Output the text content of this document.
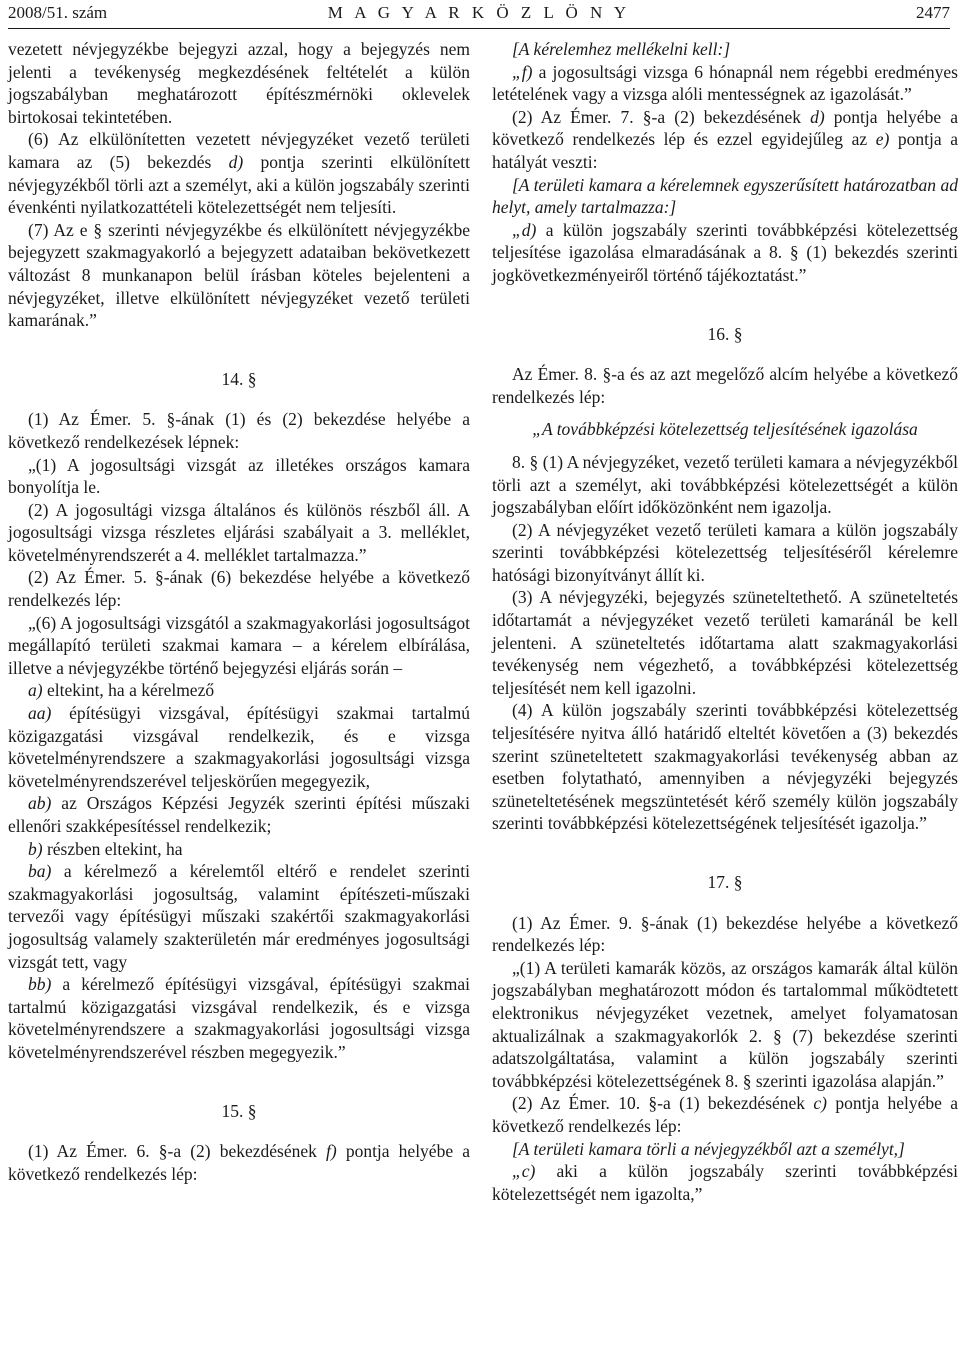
2008/51. szám	M A G Y A R K Ö Z L Ö N Y	2477

vezetett névjegyzékbe bejegyzi azzal, hogy a bejegyzés nem jelenti a tevékenység megkezdésének feltételét a külön jogszabályban meghatározott építészmérnöki oklevelek birtokosai tekintetében.

(6) Az elkülönítetten vezetett névjegyzéket vezető területi kamara az (5) bekezdés d) pontja szerinti elkülönített névjegyzékből törli azt a személyt, aki a külön jogszabály szerinti évenkénti nyilatkozattételi kötelezettségét nem teljesíti.

(7) Az e § szerinti névjegyzékbe és elkülönített névjegyzékbe bejegyzett szakmagyakorló a bejegyzett adataiban bekövetkezett változást 8 munkanapon belül írásban köteles bejelenteni a névjegyzéket, illetve elkülönített névjegyzéket vezető területi kamarának.”

14. §

(1) Az Émer. 5. §-ának (1) és (2) bekezdése helyébe a következő rendelkezések lépnek:

„(1) A jogosultsági vizsgát az illetékes országos kamara bonyolítja le.

(2) A jogosultági vizsga általános és különös részből áll. A jogosultsági vizsga részletes eljárási szabályait a 3. melléklet, követelményrendszerét a 4. melléklet tartalmazza.”

(2) Az Émer. 5. §-ának (6) bekezdése helyébe a következő rendelkezés lép:

„(6) A jogosultsági vizsgától a szakmagyakorlási jogosultságot megállapító területi szakmai kamara – a kérelem elbírálása, illetve a névjegyzékbe történő bejegyzési eljárás során –

a) eltekint, ha a kérelmező

aa) építésügyi vizsgával, építésügyi szakmai tartalmú közigazgatási vizsgával rendelkezik, és e vizsga követelményrendszere a szakmagyakorlási jogosultsági vizsga követelményrendszerével teljeskörűen megegyezik,

ab) az Országos Képzési Jegyzék szerinti építési műszaki ellenőri szakképesítéssel rendelkezik;

b) részben eltekint, ha

ba) a kérelmező a kérelemtől eltérő e rendelet szerinti szakmagyakorlási jogosultság, valamint építészeti-műszaki tervezői vagy építésügyi műszaki szakértői szakmagyakorlási jogosultság valamely szakterületén már eredményes jogosultsági vizsgát tett, vagy

bb) a kérelmező építésügyi vizsgával, építésügyi szakmai tartalmú közigazgatási vizsgával rendelkezik, és e vizsga követelményrendszere a szakmagyakorlási jogosultsági vizsga követelményrendszerével részben megegyezik.”

15. §

(1) Az Émer. 6. §-a (2) bekezdésének f) pontja helyébe a következő rendelkezés lép:

[A kérelemhez mellékelni kell:]

„f) a jogosultsági vizsga 6 hónapnál nem régebbi eredményes letételének vagy a vizsga alóli mentességnek az igazolását.”

(2) Az Émer. 7. §-a (2) bekezdésének d) pontja helyébe a következő rendelkezés lép és ezzel egyidejűleg az e) pontja a hatályát veszti:

[A területi kamara a kérelemnek egyszerűsített határozatban ad helyt, amely tartalmazza:]

„d) a külön jogszabály szerinti továbbképzési kötelezettség teljesítése igazolása elmaradásának a 8. § (1) bekezdés szerinti jogkövetkezményeiről történő tájékoztatást.”

16. §

Az Émer. 8. §-a és az azt megelőző alcím helyébe a következő rendelkezés lép:

„A továbbképzési kötelezettség teljesítésének igazolása

8. § (1) A névjegyzéket, vezető területi kamara a névjegyzékből törli azt a személyt, aki továbbképzési kötelezettségét a külön jogszabályban előírt időközönként nem igazolja.

(2) A névjegyzéket vezető területi kamara a külön jogszabály szerinti továbbképzési kötelezettség teljesítéséről kérelemre hatósági bizonyítványt állít ki.

(3) A névjegyzéki, bejegyzés szüneteltethető. A szüneteltetés időtartamát a névjegyzéket vezető területi kamaránál be kell jelenteni. A szüneteltetés időtartama alatt szakmagyakorlási tevékenység nem végezhető, a továbbképzési kötelezettség teljesítését nem kell igazolni.

(4) A külön jogszabály szerinti továbbképzési kötelezettség teljesítésére nyitva álló határidő elteltét követően a (3) bekezdés szerint szüneteltetett szakmagyakorlási tevékenység abban az esetben folytatható, amennyiben a névjegyzéki bejegyzés szüneteltetésének megszüntetését kérő személy külön jogszabály szerinti továbbképzési kötelezettségének teljesítését igazolja.”

17. §

(1) Az Émer. 9. §-ának (1) bekezdése helyébe a következő rendelkezés lép:

„(1) A területi kamarák közös, az országos kamarák által külön jogszabályban meghatározott módon és tartalommal működtetett elektronikus névjegyzéket vezetnek, amelyet folyamatosan aktualizálnak a szakmagyakorlók 2. § (7) bekezdése szerinti adatszolgáltatása, valamint a külön jogszabály szerinti továbbképzési kötelezettségének 8. § szerinti igazolása alapján.”

(2) Az Émer. 10. §-a (1) bekezdésének c) pontja helyébe a következő rendelkezés lép:

[A területi kamara törli a névjegyzékből azt a személyt,]

„c) aki a külön jogszabály szerinti továbbképzési kötelezettségét nem igazolta,”
